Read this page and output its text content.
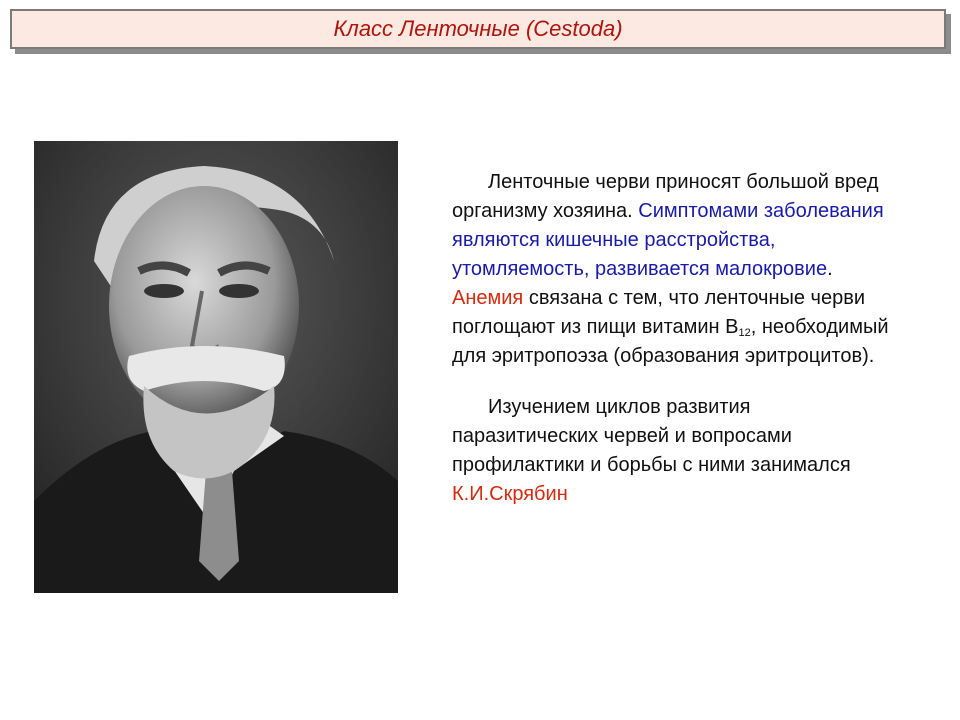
Класс Ленточные (Cestoda)

Ленточные черви приносят большой вред организму хозяина. Симптомами заболевания являются кишечные расстройства, утомляемость, развивается малокровие. Анемия связана с тем, что ленточные черви поглощают из пищи витамин $В_{12}$, необходимый для эритропоэза (образования эритроцитов).

Изучением циклов развития паразитических червей и вопросами профилактики и борьбы с ними занимался К.И.Скрябин
